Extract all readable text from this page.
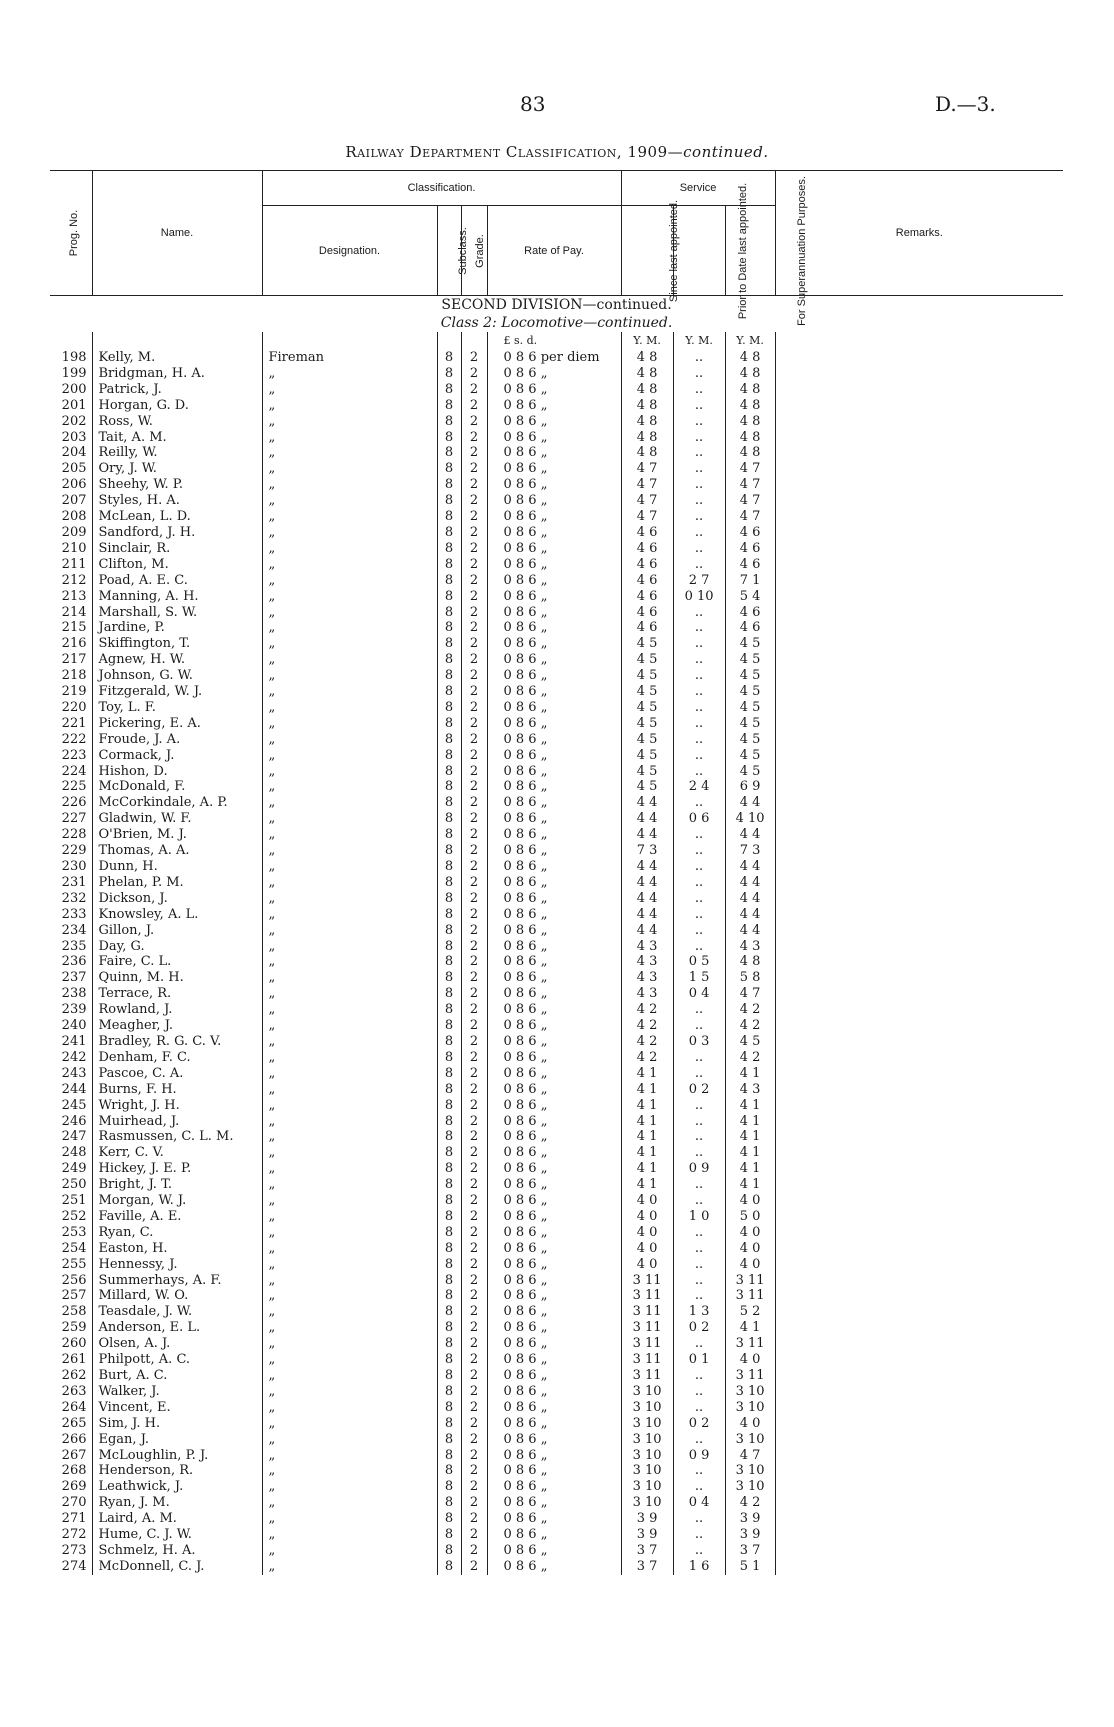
83	D.—3.
Railway Department Classification, 1909—continued.
Prog. No.	Name.	Classification.				Service			Remarks.
		Designation.	Subclass.	Grade.	Rate of Pay.	Since last appointed.	Prior to Date last appointed.	For Superannuation Purposes.	
SECOND DIVISION—continued.									
Class 2: Locomotive—continued.									
					£ s. d.	Y. M.	Y. M.	Y. M.	
198	Kelly, M.	Fireman	8	2	0 8 6 per diem	4 8	..	4 8	
199	Bridgman, H. A.	„	8	2	0 8 6 „	4 8	..	4 8	
200	Patrick, J.	„	8	2	0 8 6 „	4 8	..	4 8	
201	Horgan, G. D.	„	8	2	0 8 6 „	4 8	..	4 8	
202	Ross, W.	„	8	2	0 8 6 „	4 8	..	4 8	
203	Tait, A. M.	„	8	2	0 8 6 „	4 8	..	4 8	
204	Reilly, W.	„	8	2	0 8 6 „	4 8	..	4 8	
205	Ory, J. W.	„	8	2	0 8 6 „	4 7	..	4 7	
206	Sheehy, W. P.	„	8	2	0 8 6 „	4 7	..	4 7	
207	Styles, H. A.	„	8	2	0 8 6 „	4 7	..	4 7	
208	McLean, L. D.	„	8	2	0 8 6 „	4 7	..	4 7	
209	Sandford, J. H.	„	8	2	0 8 6 „	4 6	..	4 6	
210	Sinclair, R.	„	8	2	0 8 6 „	4 6	..	4 6	
211	Clifton, M.	„	8	2	0 8 6 „	4 6	..	4 6	
212	Poad, A. E. C.	„	8	2	0 8 6 „	4 6	2 7	7 1	
213	Manning, A. H.	„	8	2	0 8 6 „	4 6	0 10	5 4	
214	Marshall, S. W.	„	8	2	0 8 6 „	4 6	..	4 6	
215	Jardine, P.	„	8	2	0 8 6 „	4 6	..	4 6	
216	Skiffington, T.	„	8	2	0 8 6 „	4 5	..	4 5	
217	Agnew, H. W.	„	8	2	0 8 6 „	4 5	..	4 5	
218	Johnson, G. W.	„	8	2	0 8 6 „	4 5	..	4 5	
219	Fitzgerald, W. J.	„	8	2	0 8 6 „	4 5	..	4 5	
220	Toy, L. F.	„	8	2	0 8 6 „	4 5	..	4 5	
221	Pickering, E. A.	„	8	2	0 8 6 „	4 5	..	4 5	
222	Froude, J. A.	„	8	2	0 8 6 „	4 5	..	4 5	
223	Cormack, J.	„	8	2	0 8 6 „	4 5	..	4 5	
224	Hishon, D.	„	8	2	0 8 6 „	4 5	..	4 5	
225	McDonald, F.	„	8	2	0 8 6 „	4 5	2 4	6 9	
226	McCorkindale, A. P.	„	8	2	0 8 6 „	4 4	..	4 4	
227	Gladwin, W. F.	„	8	2	0 8 6 „	4 4	0 6	4 10	
228	O'Brien, M. J.	„	8	2	0 8 6 „	4 4	..	4 4	
229	Thomas, A. A.	„	8	2	0 8 6 „	7 3	..	7 3	
230	Dunn, H.	„	8	2	0 8 6 „	4 4	..	4 4	
231	Phelan, P. M.	„	8	2	0 8 6 „	4 4	..	4 4	
232	Dickson, J.	„	8	2	0 8 6 „	4 4	..	4 4	
233	Knowsley, A. L.	„	8	2	0 8 6 „	4 4	..	4 4	
234	Gillon, J.	„	8	2	0 8 6 „	4 4	..	4 4	
235	Day, G.	„	8	2	0 8 6 „	4 3	..	4 3	
236	Faire, C. L.	„	8	2	0 8 6 „	4 3	0 5	4 8	
237	Quinn, M. H.	„	8	2	0 8 6 „	4 3	1 5	5 8	
238	Terrace, R.	„	8	2	0 8 6 „	4 3	0 4	4 7	
239	Rowland, J.	„	8	2	0 8 6 „	4 2	..	4 2	
240	Meagher, J.	„	8	2	0 8 6 „	4 2	..	4 2	
241	Bradley, R. G. C. V.	„	8	2	0 8 6 „	4 2	0 3	4 5	
242	Denham, F. C.	„	8	2	0 8 6 „	4 2	..	4 2	
243	Pascoe, C. A.	„	8	2	0 8 6 „	4 1	..	4 1	
244	Burns, F. H.	„	8	2	0 8 6 „	4 1	0 2	4 3	
245	Wright, J. H.	„	8	2	0 8 6 „	4 1	..	4 1	
246	Muirhead, J.	„	8	2	0 8 6 „	4 1	..	4 1	
247	Rasmussen, C. L. M.	„	8	2	0 8 6 „	4 1	..	4 1	
248	Kerr, C. V.	„	8	2	0 8 6 „	4 1	..	4 1	
249	Hickey, J. E. P.	„	8	2	0 8 6 „	4 1	0 9	4 1	
250	Bright, J. T.	„	8	2	0 8 6 „	4 1	..	4 1	
251	Morgan, W. J.	„	8	2	0 8 6 „	4 0	..	4 0	
252	Faville, A. E.	„	8	2	0 8 6 „	4 0	1 0	5 0	
253	Ryan, C.	„	8	2	0 8 6 „	4 0	..	4 0	
254	Easton, H.	„	8	2	0 8 6 „	4 0	..	4 0	
255	Hennessy, J.	„	8	2	0 8 6 „	4 0	..	4 0	
256	Summerhays, A. F.	„	8	2	0 8 6 „	3 11	..	3 11	
257	Millard, W. O.	„	8	2	0 8 6 „	3 11	..	3 11	
258	Teasdale, J. W.	„	8	2	0 8 6 „	3 11	1 3	5 2	
259	Anderson, E. L.	„	8	2	0 8 6 „	3 11	0 2	4 1	
260	Olsen, A. J.	„	8	2	0 8 6 „	3 11	..	3 11	
261	Philpott, A. C.	„	8	2	0 8 6 „	3 11	0 1	4 0	
262	Burt, A. C.	„	8	2	0 8 6 „	3 11	..	3 11	
263	Walker, J.	„	8	2	0 8 6 „	3 10	..	3 10	
264	Vincent, E.	„	8	2	0 8 6 „	3 10	..	3 10	
265	Sim, J. H.	„	8	2	0 8 6 „	3 10	0 2	4 0	
266	Egan, J.	„	8	2	0 8 6 „	3 10	..	3 10	
267	McLoughlin, P. J.	„	8	2	0 8 6 „	3 10	0 9	4 7	
268	Henderson, R.	„	8	2	0 8 6 „	3 10	..	3 10	
269	Leathwick, J.	„	8	2	0 8 6 „	3 10	..	3 10	
270	Ryan, J. M.	„	8	2	0 8 6 „	3 10	0 4	4 2	
271	Laird, A. M.	„	8	2	0 8 6 „	3 9	..	3 9	
272	Hume, C. J. W.	„	8	2	0 8 6 „	3 9	..	3 9	
273	Schmelz, H. A.	„	8	2	0 8 6 „	3 7	..	3 7	
274	McDonnell, C. J.	„	8	2	0 8 6 „	3 7	1 6	5 1	
